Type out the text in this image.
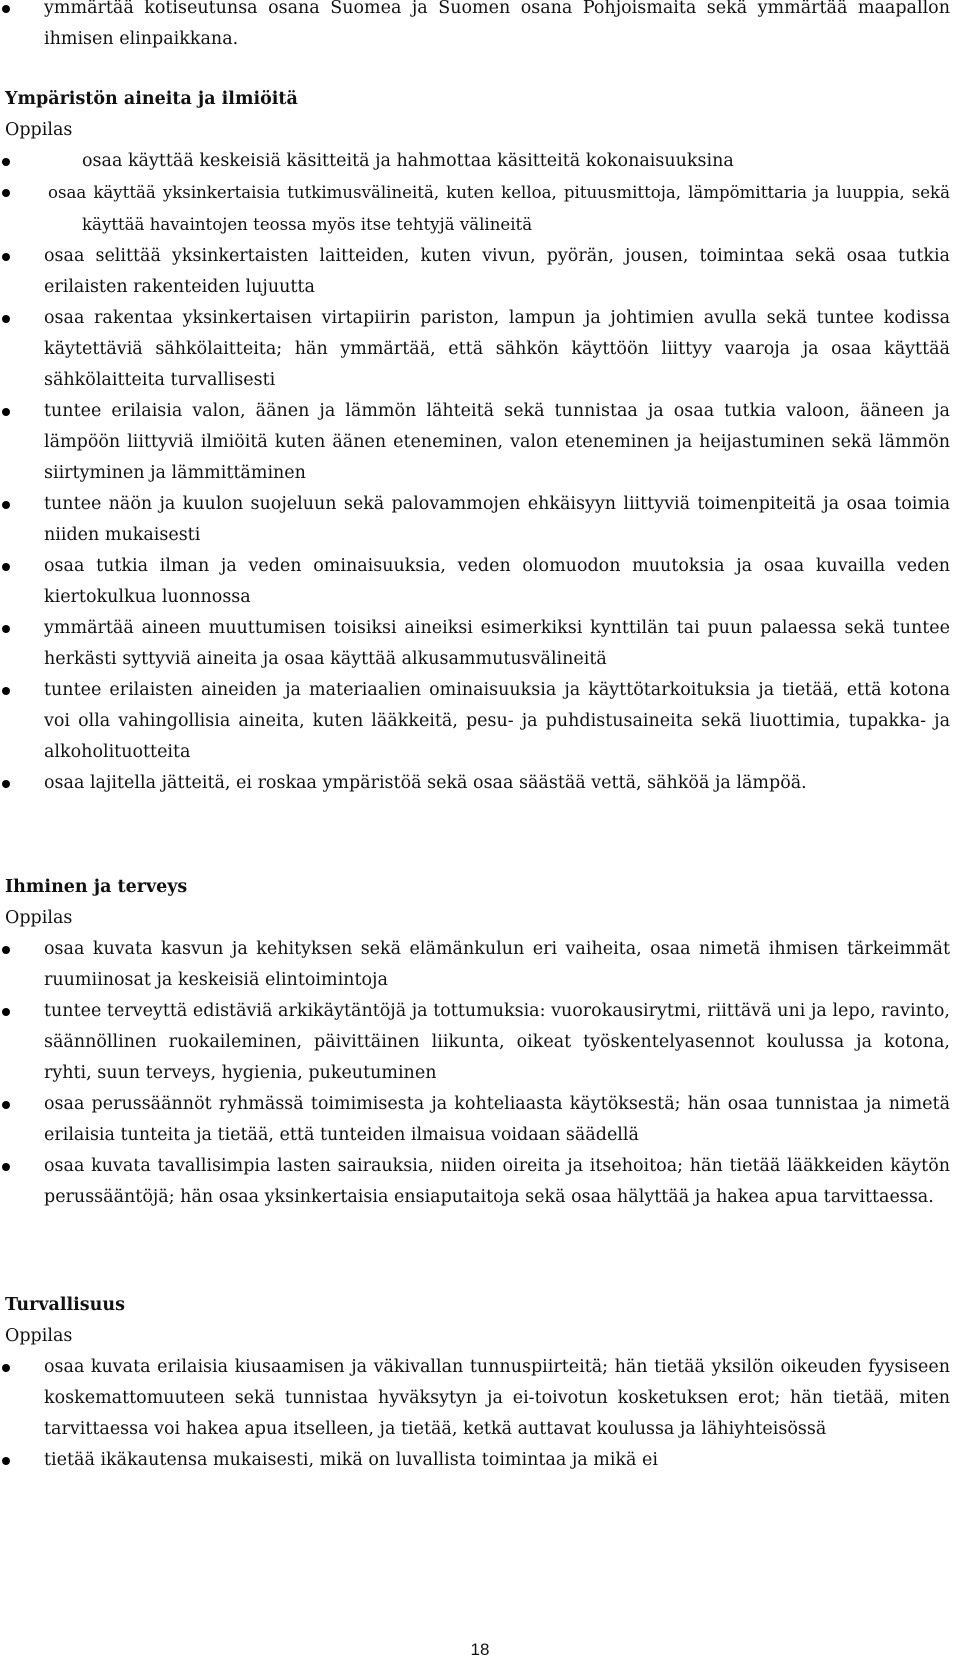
ymmärtää kotiseutunsa osana Suomea ja Suomen osana Pohjoismaita sekä ymmärtää maapallon ihmisen elinpaikkana.
Ympäristön aineita ja ilmiöitä
Oppilas
osaa käyttää keskeisiä käsitteitä ja hahmottaa käsitteitä kokonaisuuksina
osaa käyttää yksinkertaisia tutkimusvälineitä, kuten kelloa, pituusmittoja, lämpömittaria ja luuppia, sekä käyttää havaintojen teossa myös itse tehtyjä välineitä
osaa selittää yksinkertaisten laitteiden, kuten vivun, pyörän, jousen, toimintaa sekä osaa tutkia erilaisten rakenteiden lujuutta
osaa rakentaa yksinkertaisen virtapiirin pariston, lampun ja johtimien avulla sekä tuntee kodissa käytettäviä sähkölaitteita; hän ymmärtää, että sähkön käyttöön liittyy vaaroja ja osaa käyttää sähkölaitteita turvallisesti
tuntee erilaisia valon, äänen ja lämmön lähteitä sekä tunnistaa ja osaa tutkia valoon, ääneen ja lämpöön liittyviä ilmiöitä kuten äänen eteneminen, valon eteneminen ja heijastuminen sekä lämmön siirtyminen ja lämmittäminen
tuntee näön ja kuulon suojeluun sekä palovammojen ehkäisyyn liittyviä toimenpiteitä ja osaa toimia niiden mukaisesti
osaa tutkia ilman ja veden ominaisuuksia, veden olomuodon muutoksia ja osaa kuvailla veden kiertokulkua luonnossa
ymmärtää aineen muuttumisen toisiksi aineiksi esimerkiksi kynttilän tai puun palaessa sekä tuntee herkästi syttyviä aineita ja osaa käyttää alkusammutusvälineitä
tuntee erilaisten aineiden ja materiaalien ominaisuuksia ja käyttötarkoituksia ja tietää, että kotona voi olla vahingollisia aineita, kuten lääkkeitä, pesu- ja puhdistusaineita sekä liuottimia, tupakka- ja alkoholituotteita
osaa lajitella jätteitä, ei roskaa ympäristöä sekä osaa säästää vettä, sähköä ja lämpöä.
Ihminen ja terveys
Oppilas
osaa kuvata kasvun ja kehityksen sekä elämänkulun eri vaiheita, osaa nimetä ihmisen tärkeimmät ruumiinosat ja keskeisiä elintoimintoja
tuntee terveyttä edistäviä arkikäytäntöjä ja tottumuksia: vuorokausirytmi, riittävä uni ja lepo, ravinto, säännöllinen ruokaileminen, päivittäinen liikunta, oikeat työskentelyasennot koulussa ja kotona, ryhti, suun terveys, hygienia, pukeutuminen
osaa perussäännöt ryhmässä toimimisesta ja kohteliaasta käytöksestä; hän osaa tunnistaa ja nimetä erilaisia tunteita ja tietää, että tunteiden ilmaisua voidaan säädellä
osaa kuvata tavallisimpia lasten sairauksia, niiden oireita ja itsehoitoa; hän tietää lääkkeiden käytön perussääntöjä; hän osaa yksinkertaisia ensiaputaitoja sekä osaa hälyttää ja hakea apua tarvittaessa.
Turvallisuus
Oppilas
osaa kuvata erilaisia kiusaamisen ja väkivallan tunnuspiirteitä; hän tietää yksilön oikeuden fyysiseen koskemattomuuteen sekä tunnistaa hyväksytyn ja ei-toivotun kosketuksen erot; hän tietää, miten tarvittaessa voi hakea apua itselleen, ja tietää, ketkä auttavat koulussa ja lähiyhteisössä
tietää ikäkautensa mukaisesti, mikä on luvallista toimintaa ja mikä ei
18
